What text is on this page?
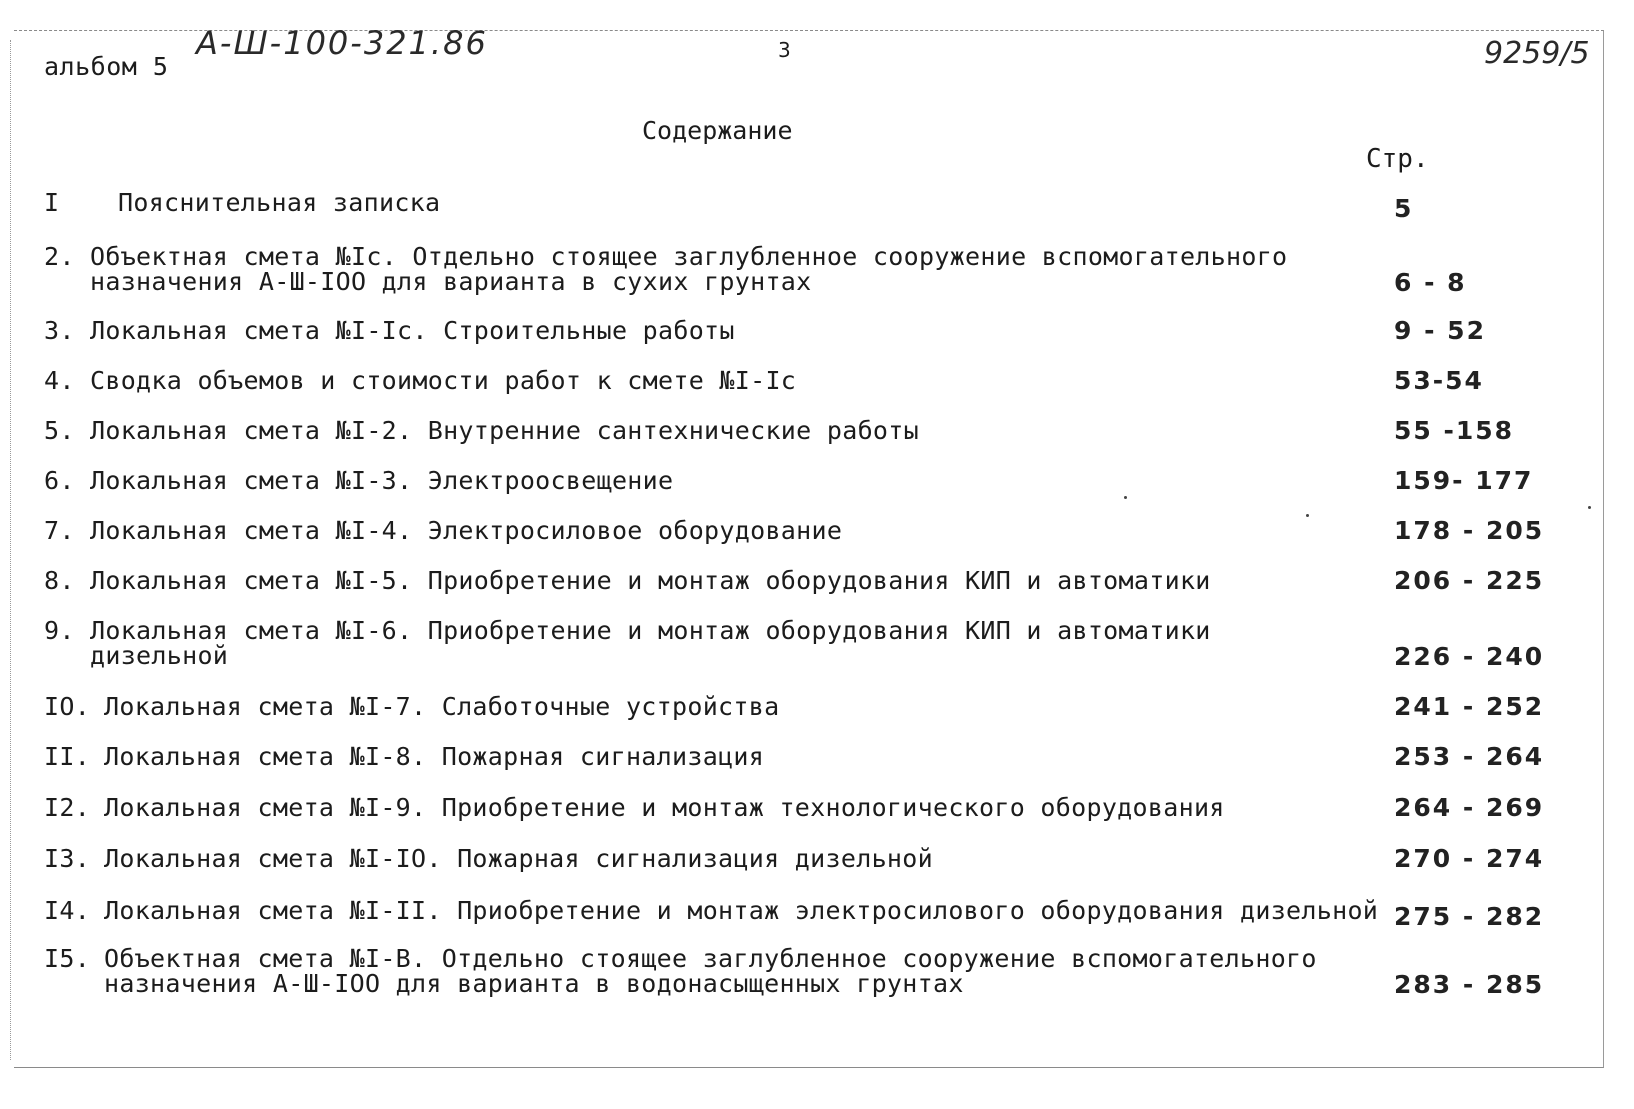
альбом 5
А-Ш-100-321.86	3	9259/5
Содержание
Стр.
I Пояснительная записка	5
2. Объектная смета №Iс. Отдельно стоящее заглубленное сооружение вспомогательного
назначения А-Ш-IOO для варианта в сухих грунтах	6 - 8
3. Локальная смета №I-Iс. Строительные работы	9 - 52
4. Сводка объемов и стоимости работ к смете №I-Iс	53-54
5. Локальная смета №I-2. Внутренние сантехнические работы	55 -158
6. Локальная смета №I-3. Электроосвещение	159- 177
7. Локальная смета №I-4. Электросиловое оборудование	178 - 205
8. Локальная смета №I-5. Приобретение и монтаж оборудования КИП и автоматики	206 - 225
9. Локальная смета №I-6. Приобретение и монтаж оборудования КИП и автоматики
дизельной	226 - 240
IO. Локальная смета №I-7. Слаботочные устройства	241 - 252
II. Локальная смета №I-8. Пожарная сигнализация	253 - 264
I2. Локальная смета №I-9. Приобретение и монтаж технологического оборудования	264 - 269
I3. Локальная смета №I-IO. Пожарная сигнализация дизельной	270 - 274
I4. Локальная смета №I-II. Приобретение и монтаж электросилового оборудования дизельной 275 - 282
I5. Объектная смета №I-В. Отдельно стоящее заглубленное сооружение вспомогательного
назначения А-Ш-IOO для варианта в водонасыщенных грунтах	283 - 285
